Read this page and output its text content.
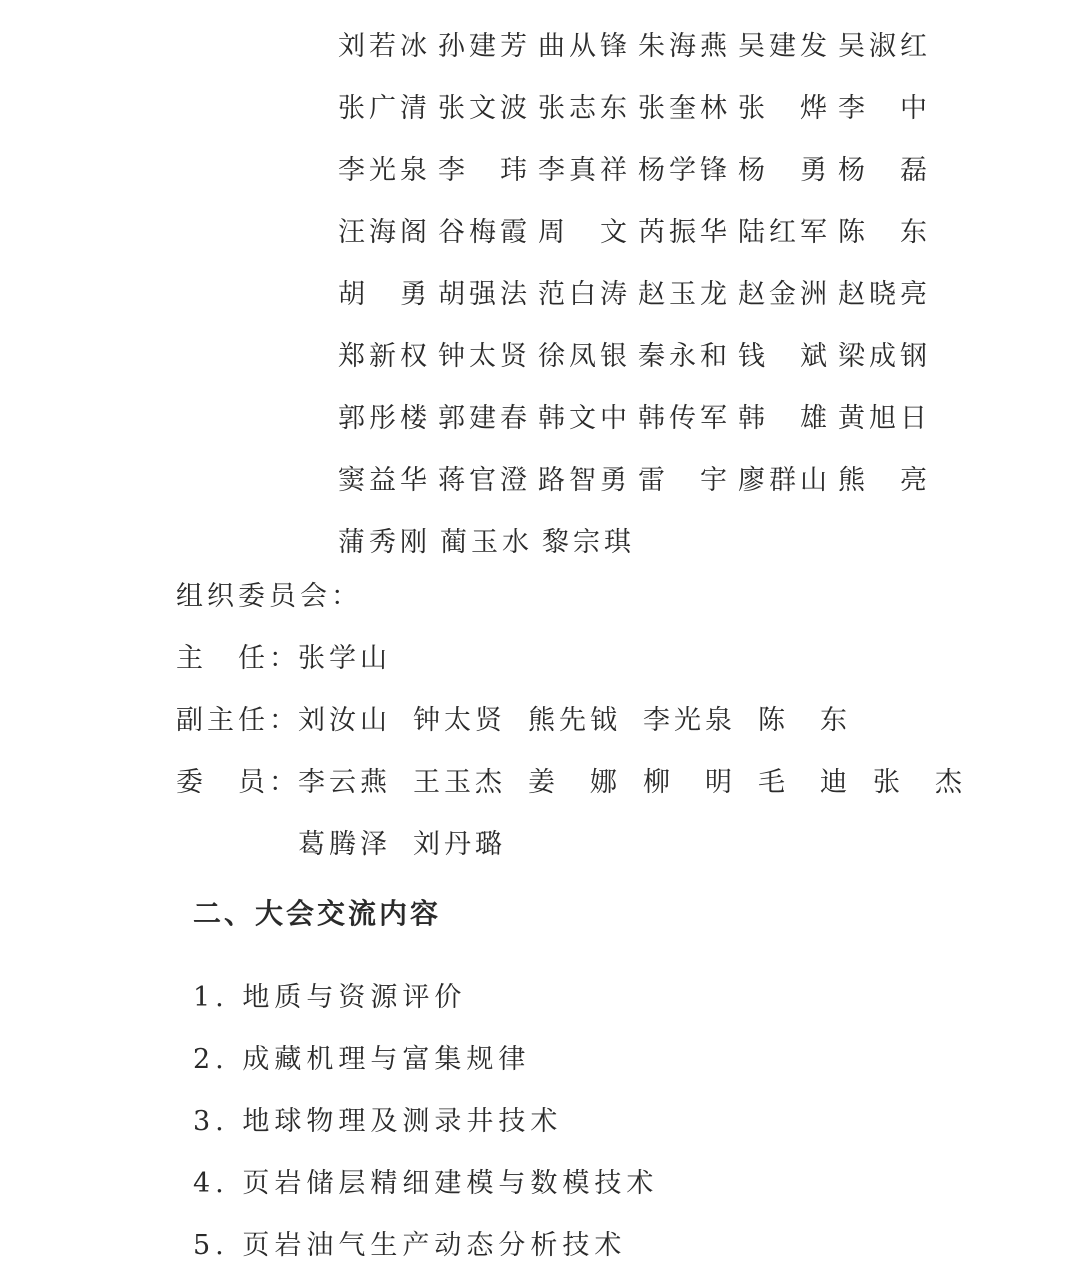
刘若冰 孙建芳 曲从锋 朱海燕 吴建发 吴淑红
张广清 张文波 张志东 张奎林 张　烨 李　中
李光泉 李　玮 李真祥 杨学锋 杨　勇 杨　磊
汪海阁 谷梅霞 周　文 芮振华 陆红军 陈　东
胡　勇 胡强法 范白涛 赵玉龙 赵金洲 赵晓亮
郑新权 钟太贤 徐凤银 秦永和 钱　斌 梁成钢
郭彤楼 郭建春 韩文中 韩传军 韩　雄 黄旭日
窦益华 蒋官澄 路智勇 雷　宇 廖群山 熊　亮
蒲秀刚 蔺玉水 黎宗琪
组织委员会：
主　任：
张学山
副主任：
刘汝山 钟太贤 熊先钺 李光泉 陈　东
委　员：
李云燕 王玉杰 姜　娜 柳　明 毛　迪 张　杰
葛腾泽 刘丹璐
二、大会交流内容
1. 地质与资源评价
2. 成藏机理与富集规律
3. 地球物理及测录井技术
4. 页岩储层精细建模与数模技术
5. 页岩油气生产动态分析技术
